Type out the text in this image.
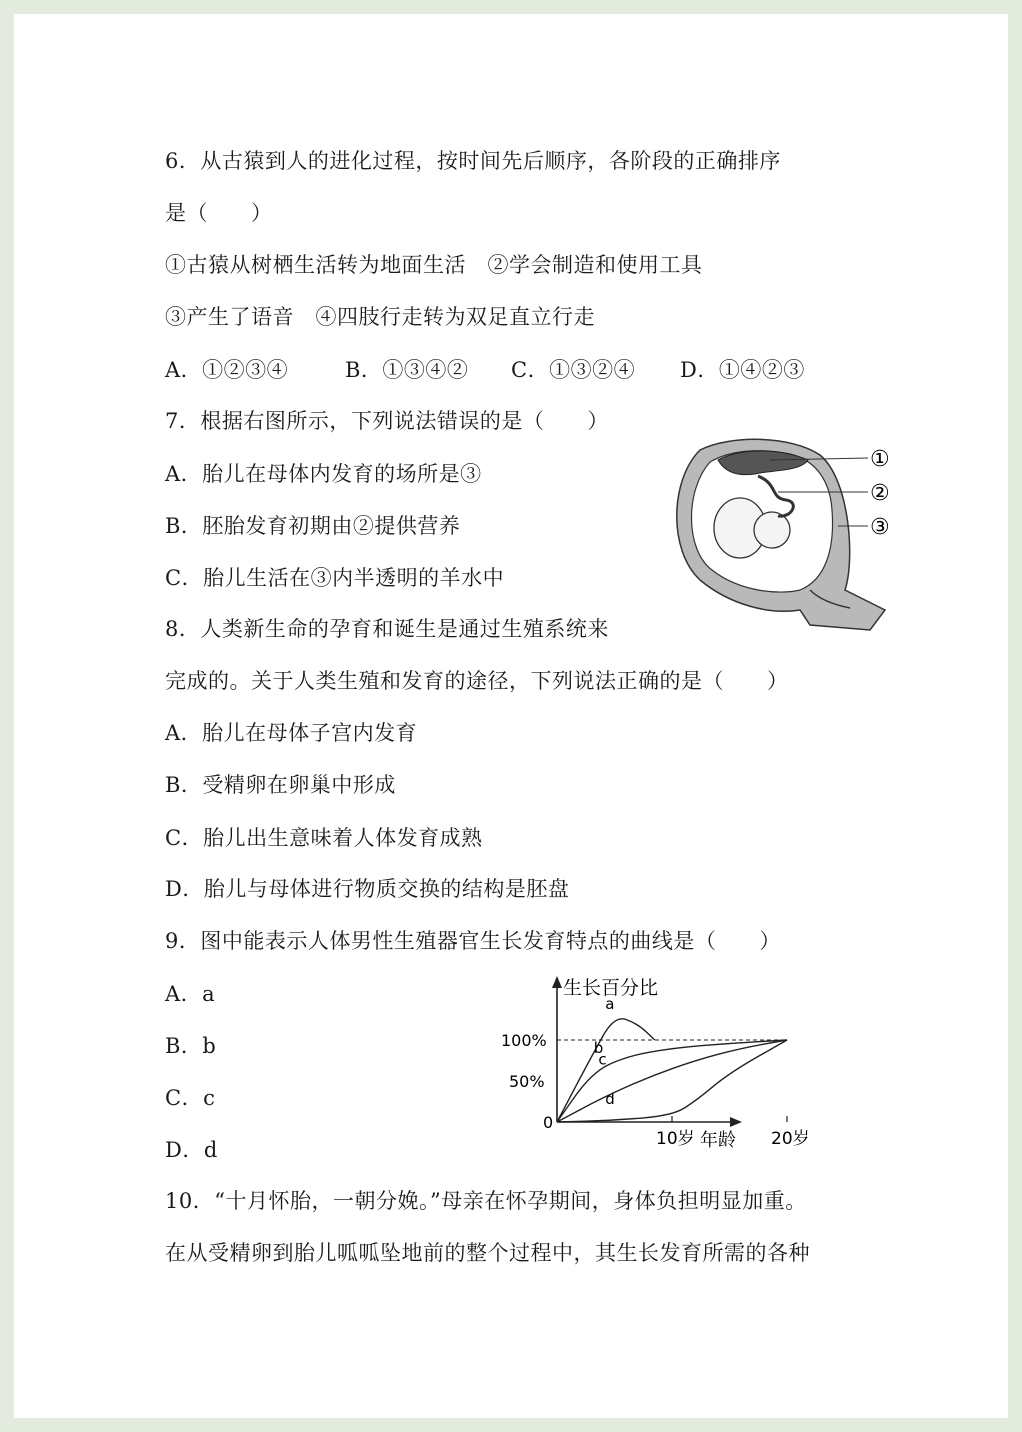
6．从古猿到人的进化过程，按时间先后顺序，各阶段的正确排序
是（　　）
①古猿从树栖生活转为地面生活　②学会制造和使用工具
③产生了语音　④四肢行走转为双足直立行走
A．①②③④	B．①③④② C．①③②④ D．①④②③
7．根据右图所示，下列说法错误的是（　　）
A．胎儿在母体内发育的场所是③
B．胚胎发育初期由②提供营养
C．胎儿生活在③内半透明的羊水中
①
②
③
8．人类新生命的孕育和诞生是通过生殖系统来
完成的。关于人类生殖和发育的途径，下列说法正确的是（　　）
A．胎儿在母体子宫内发育
B．受精卵在卵巢中形成
C．胎儿出生意味着人体发育成熟
D．胎儿与母体进行物质交换的结构是胚盘
9．图中能表示人体男性生殖器官生长发育特点的曲线是（　　）
A．a
B．b
C．c
D．d	10岁	20岁
0
50%
100%
生长百分比
年龄
a
b
c
d
10．“十月怀胎，一朝分娩。”母亲在怀孕期间，身体负担明显加重。
在从受精卵到胎儿呱呱坠地前的整个过程中，其生长发育所需的各种
